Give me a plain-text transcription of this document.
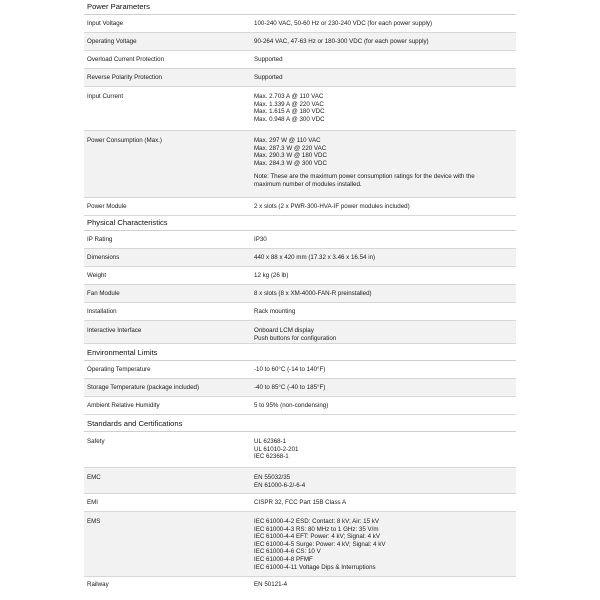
Power Parameters
Input Voltage	100-240 VAC, 50-60 Hz or 230-240 VDC (for each power supply)
Operating Voltage	90-264 VAC, 47-63 Hz or 180-300 VDC (for each power supply)
Overload Current Protection	Supported
Reverse Polarity Protection	Supported
Input Current	Max. 2.703 A @ 110 VAC
Max. 1.339 A @ 220 VAC
Max. 1.615 A @ 180 VDC
Max. 0.948 A @ 300 VDC
Power Consumption (Max.)	Max. 297 W @ 110 VAC
Max. 287.3 W @ 220 VAC
Max. 290.3 W @ 180 VDC
Max. 284.3 W @ 300 VDC
Note: These are the maximum power consumption ratings for the device with the maximum number of modules installed.
Power Module	2 x slots (2 x PWR-300-HVA-IF power modules included)
Physical Characteristics
IP Rating	IP30
Dimensions	440 x 88 x 420 mm (17.32 x 3.46 x 16.54 in)
Weight	12 kg (26 lb)
Fan Module	8 x slots (8 x XM-4000-FAN-R preinstalled)
Installation	Rack mounting
Interactive Interface	Onboard LCM display
Push buttons for configuration
Environmental Limits
Operating Temperature	-10 to 60°C (-14 to 140°F)
Storage Temperature (package included)	-40 to 85°C (-40 to 185°F)
Ambient Relative Humidity	5 to 95% (non-condensing)
Standards and Certifications
Safety	UL 62368-1
UL 61010-2-201
IEC 62368-1
EMC	EN 55032/35
EN 61000-6-2/-6-4
EMI	CISPR 32, FCC Part 15B Class A
EMS	IEC 61000-4-2 ESD: Contact: 8 kV; Air: 15 kV
IEC 61000-4-3 RS: 80 MHz to 1 GHz: 35 V/m
IEC 61000-4-4 EFT: Power: 4 kV; Signal: 4 kV
IEC 61000-4-5 Surge: Power: 4 kV; Signal: 4 kV
IEC 61000-4-6 CS: 10 V
IEC 61000-4-8 PFMF
IEC 61000-4-11 Voltage Dips & Interruptions
Railway	EN 50121-4
